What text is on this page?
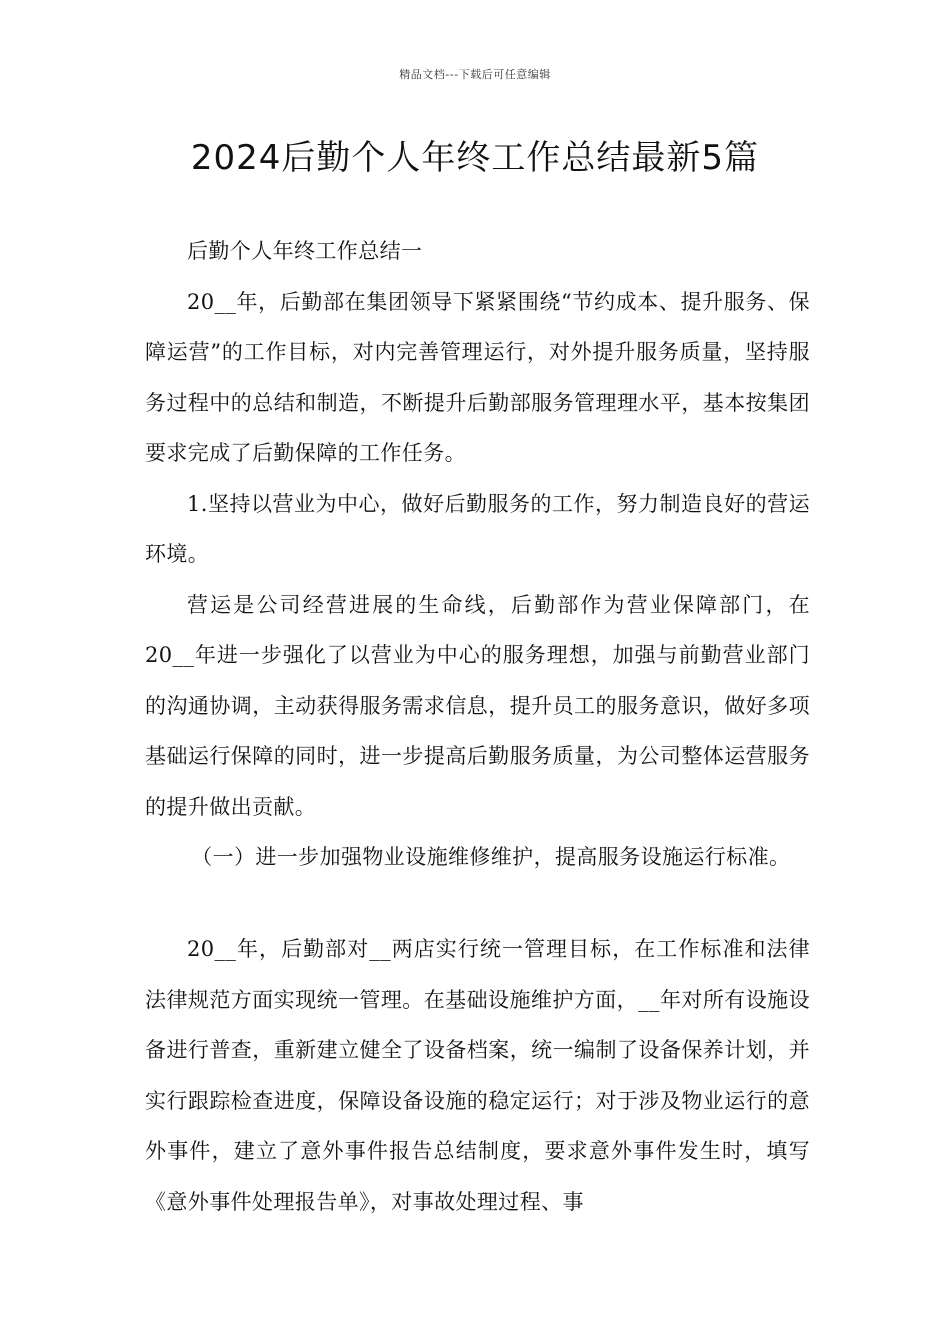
精品文档---下载后可任意编辑
2024后勤个人年终工作总结最新5篇

后勤个人年终工作总结一

20__年，后勤部在集团领导下紧紧围绕“节约成本、提升服务、保障运营”的工作目标，对内完善管理运行，对外提升服务质量，坚持服务过程中的总结和制造，不断提升后勤部服务管理理水平，基本按集团要求完成了后勤保障的工作任务。

1.坚持以营业为中心，做好后勤服务的工作，努力制造良好的营运环境。

营运是公司经营进展的生命线，后勤部作为营业保障部门，在20__年进一步强化了以营业为中心的服务理想，加强与前勤营业部门的沟通协调，主动获得服务需求信息，提升员工的服务意识，做好多项基础运行保障的同时，进一步提高后勤服务质量，为公司整体运营服务的提升做出贡献。

（一）进一步加强物业设施维修维护，提高服务设施运行标准。

20__年，后勤部对__两店实行统一管理目标，在工作标准和法律法律规范方面实现统一管理。在基础设施维护方面，__年对所有设施设备进行普查，重新建立健全了设备档案，统一编制了设备保养计划，并实行跟踪检查进度，保障设备设施的稳定运行；对于涉及物业运行的意外事件，建立了意外事件报告总结制度，要求意外事件发生时，填写《意外事件处理报告单》，对事故处理过程、事
